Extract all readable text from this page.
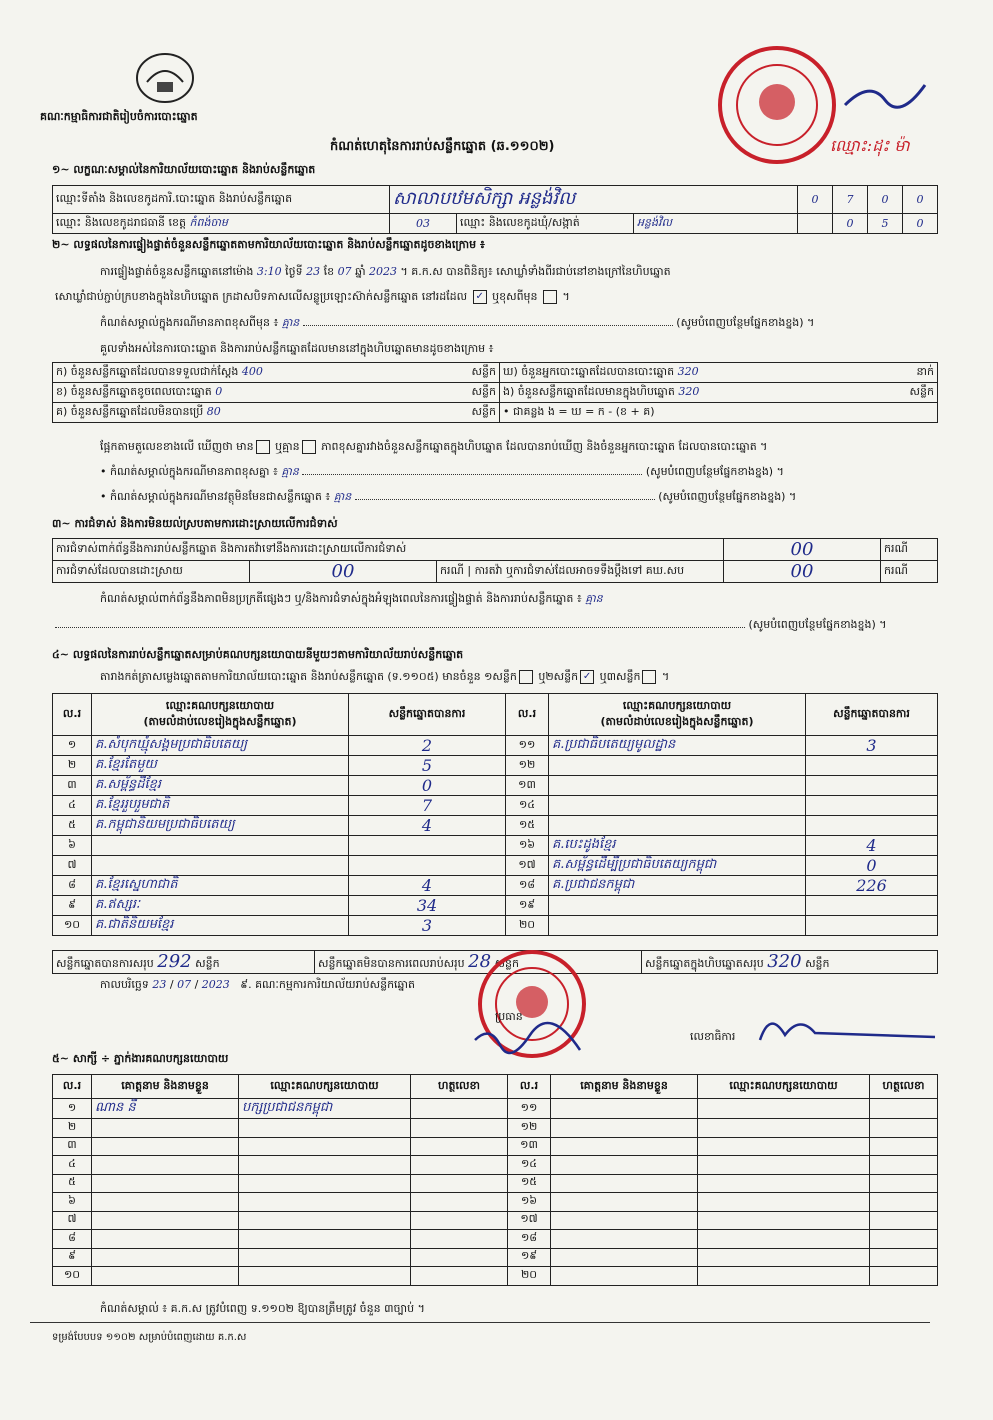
គណៈកម្មាធិការជាតិរៀបចំការបោះឆ្នោត
ឈ្មោះ:ដុះ ម៉ា
កំណត់ហេតុនៃការរាប់សន្លឹកឆ្នោត (ឆ.១១០២)
១~ លក្ខណៈសម្គាល់នៃការិយាល័យបោះឆ្នោត និងរាប់សន្លឹកឆ្នោត
ឈ្មោះទីតាំង និងលេខកូដការិ.បោះឆ្នោត និងរាប់សន្លឹកឆ្នោត	សាលាបឋមសិក្សា អន្លង់វិល			0	7	0	0
ឈ្មោះ និងលេខកូដរាជធានី ខេត្ត កំពង់ចាម	03	ឈ្មោះ និងលេខកូដឃុំ/សង្កាត់	អន្លង់វិល		0	5	0
២~ លទ្ធផលនៃការផ្ទៀងផ្ទាត់ចំនួនសន្លឹកឆ្នោតតាមការិយាល័យបោះឆ្នោត និងរាប់សន្លឹកឆ្នោតដូចខាងក្រោម ៖
ការផ្ទៀងផ្ទាត់ចំនួនសន្លឹកឆ្នោតនៅម៉ោង 3:10 ថ្ងៃទី 23 ខែ 07 ឆ្នាំ 2023 ។ គ.ក.ស បានពិនិត្យ៖ សោឃ្លាំទាំងពីរជាប់នៅខាងក្រៅនៃហិបឆ្នោត
សោឃ្លាំជាប់ភ្ជាប់ក្របខាងក្នុងនៃហិបឆ្នោត ក្រដាសបិទភាសលើសន្លូប្រឡោះស៊ាក់សន្លឹកឆ្នោត នៅរដដែល ✓ ឬខុសពីមុន ។
កំណត់សម្គាល់ក្នុងករណីមានភាពខុសពីមុន ៖ គ្មាន	(សូមបំពេញបន្ថែមផ្នែកខាងខ្នង) ។
គួលទាំងអស់នៃការបោះឆ្នោត និងការរាប់សន្លឹកឆ្នោតដែលមាននៅក្នុងហិបឆ្នោតមានដូចខាងក្រោម ៖
ក) ចំនួនសន្លឹកឆ្នោតដែលបានទទួលជាក់ស្តែង 400 សន្លឹក	ឃ) ចំនួនអ្នកបោះឆ្នោតដែលបានបោះឆ្នោត 320 នាក់

ខ) ចំនួនសន្លឹកឆ្នោតខូចពេលបោះឆ្នោត 0 សន្លឹក	ង) ចំនួនសន្លឹកឆ្នោតដែលមានក្នុងហិបឆ្នោត 320 សន្លឹក

គ) ចំនួនសន្លឹកឆ្នោតដែលមិនបានប្រើ 80 សន្លឹក	• ជាគន្លង ង = ឃ = ក - (ខ + គ)
ផ្អែកតាមតួលេខខាងលើ ឃើញថា មាន ឬគ្មាន ភាពខុសគ្នារវាងចំនួនសន្លឹកឆ្នោតក្នុងហិបឆ្នោត ដែលបានរាប់ឃើញ និងចំនួនអ្នកបោះឆ្នោត ដែលបានបោះឆ្នោត ។
• កំណត់សម្គាល់ក្នុងករណីមានភាពខុសគ្នា ៖ គ្មាន	(សូមបំពេញបន្ថែមផ្នែកខាងខ្នង) ។
• កំណត់សម្គាល់ក្នុងករណីមានវត្ថុមិនមែនជាសន្លឹកឆ្នោត ៖ គ្មាន	(សូមបំពេញបន្ថែមផ្នែកខាងខ្នង) ។
៣~ ការជំទាស់ និងការមិនយល់ស្របតាមការដោះស្រាយលើការជំទាស់
ការជំទាស់ពាក់ព័ន្ធនឹងការរាប់សន្លឹកឆ្នោត និងការតវ៉ាទៅនឹងការដោះស្រាយលើការជំទាស់			00	ករណី
ការជំទាស់ដែលបានដោះស្រាយ	00	ករណី | ការតវ៉ា ឬការជំទាស់ដែលអាចទទឹងប្តឹងទៅ គឃ.សប	00	ករណី
កំណត់សម្គាល់ពាក់ព័ន្ធនឹងភាពមិនប្រក្រតីផ្សេងៗ ឬ/និងការជំទាស់ក្នុងអំឡុងពេលនៃការផ្ទៀងផ្ទាត់ និងការរាប់សន្លឹកឆ្នោត ៖ គ្មាន
(សូមបំពេញបន្ថែមផ្នែកខាងខ្នង) ។
៤~ លទ្ធផលនៃការរាប់សន្លឹកឆ្នោតសម្រាប់គណបក្សនយោបាយនីមួយៗតាមការិយាល័យរាប់សន្លឹកឆ្នោត
តារាងកត់ត្រាសម្លេងឆ្នោតតាមការិយាល័យបោះឆ្នោត និងរាប់សន្លឹកឆ្នោត (ទ.១១០៥) មានចំនួន ១សន្លឹក ឬ២សន្លឹក ✓ ឬ៣សន្លឹក ។
ល.រ	ឈ្មោះគណបក្សនយោបាយ
(តាមលំដាប់លេខរៀងក្នុងសន្លឹកឆ្នោត)	សន្លឹកឆ្នោតបានការ	ល.រ	ឈ្មោះគណបក្សនយោបាយ
(តាមលំដាប់លេខរៀងក្នុងសន្លឹកឆ្នោត)	សន្លឹកឆ្នោតបានការ
១	គ.សំបុកឃ្មុំសង្គមប្រជាធិបតេយ្យ	2	១១	គ.ប្រជាធិបតេយ្យមូលដ្ឋាន	3
២	គ.ខ្មែរតែមួយ	5	១២		
៣	គ.សម្ព័ន្ធដីខ្មែរ	0	១៣		
៤	គ.ខ្មែររួបរួមជាតិ	7	១៤		
៥	គ.កម្ពុជានិយមប្រជាធិបតេយ្យ	4	១៥		
៦			១៦	គ.បេះដូងខ្មែរ	4
៧			១៧	គ.សម្ព័ន្ធដើម្បីប្រជាធិបតេយ្យកម្ពុជា	0
៨	គ.ខ្មែរស្នេហាជាតិ	4	១៨	គ.ប្រជាជនកម្ពុជា	226
៩	គ.ឥស្សរៈ	34	១៩		
១០	គ.ជាតិនិយមខ្មែរ	3	២០		
សន្លឹកឆ្នោតបានការសរុប 292 សន្លឹក	សន្លឹកឆ្នោតមិនបានការពេលរាប់សរុប 28 សន្លឹក	សន្លឹកឆ្នោតក្នុងហិបឆ្នោតសរុប 320 សន្លឹក
កាលបរិច្ឆេទ 23 / 07 / 2023 ៩. គណៈកម្មការការិយាល័យរាប់សន្លឹកឆ្នោត
ប្រធាន
លេខាធិការ
៥~ សាក្សី ÷ ភ្នាក់ងារគណបក្សនយោបាយ
ល.រ	គោត្តនាម និងនាមខ្លួន	ឈ្មោះគណបក្សនយោបាយ	ហត្ថលេខា	ល.រ	គោត្តនាម និងនាមខ្លួន	ឈ្មោះគណបក្សនយោបាយ	ហត្ថលេខា
១	ណាន នី	បក្សប្រជាជនកម្ពុជា		១១			
២				១២			
៣				១៣			
៤				១៤			
៥				១៥			
៦				១៦			
៧				១៧			
៨				១៨			
៩				១៩			
១០				២០			
កំណត់សម្គាល់ ៖ គ.ក.ស ត្រូវបំពេញ ទ.១១០២ ឱ្យបានត្រឹមត្រូវ ចំនួន ៣ច្បាប់ ។
ទម្រង់បែបបទ ១១០២ សម្រាប់បំពេញដោយ គ.ក.ស
